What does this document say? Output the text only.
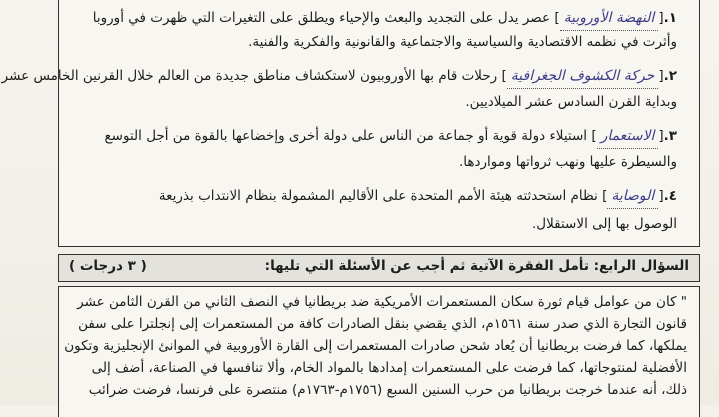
١.[النهضة الأوروبية] عصر يدل على التجديد والبعث والإحياء ويطلق على التغيرات التي ظهرت في أوروبا
وأثرت في نظمه الاقتصادية والسياسية والاجتماعية والقانونية والفكرية والفنية.
٢.[حركة الكشوف الجغرافية] رحلات قام بها الأوروبيون لاستكشاف مناطق جديدة من العالم خلال القرنين الخامس عشر
وبداية القرن السادس عشر الميلاديين.
٣.[الاستعمار] استيلاء دولة قوية أو جماعة من الناس على دولة أخرى وإخضاعها بالقوة من أجل التوسع
والسيطرة عليها ونهب ثرواتها ومواردها.
٤.[الوصاية] نظام استحدثته هيئة الأمم المتحدة على الأقاليم المشمولة بنظام الانتداب بذريعة
الوصول بها إلى الاستقلال.
السؤال الرابع: تأمل الفقرة الآتية ثم أجب عن الأسئلة التي تليها:
( ٣ درجات )
" كان من عوامل قيام ثورة سكان المستعمرات الأمريكية ضد بريطانيا في النصف الثاني من القرن الثامن عشر
قانون التجارة الذي صدر سنة ١٥٦١م، الذي يقضي بنقل الصادرات كافة من المستعمرات إلى إنجلترا على سفن
يملكها، كما فرضت بريطانيا أن يُعاد شحن صادرات المستعمرات إلى القارة الأوروبية في الموانئ الإنجليزية وتكون
الأفضلية لمنتوجاتها، كما فرضت على المستعمرات إمدادها بالمواد الخام، وألا تنافسها في الصناعة، أضف إلى
ذلك، أنه عندما خرجت بريطانيا من حرب السنين السبع (١٧٥٦م-١٧٦٣م) منتصرة على فرنسا، فرضت ضرائب
